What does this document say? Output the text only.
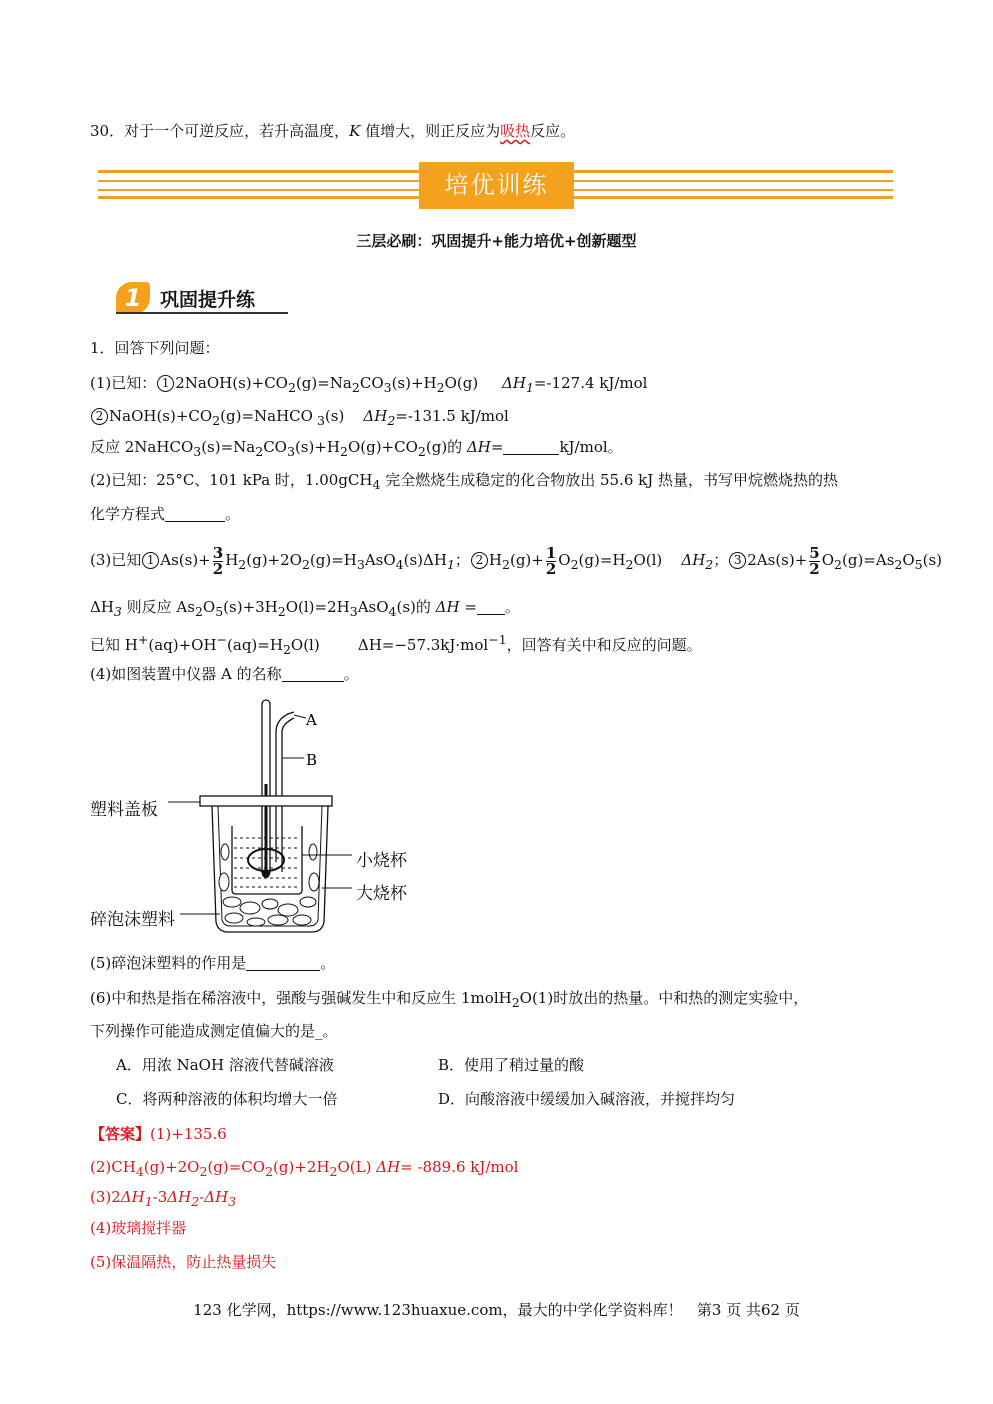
30．对于一个可逆反应，若升高温度，K 值增大，则正反应为吸热反应。
培优训练
三层必刷：巩固提升+能力培优+创新题型
1 巩固提升练
1．回答下列问题：
(1)已知： 1 $2NaOH(s)+CO_2(g)=Na_2CO_3(s)+H_2O(g)$ $\Delta H_1=-127.4$ kJ/mol
2 $NaOH(s)+CO_2(g)=NaHCO$ $_3$(s) $\Delta H_2=-131.5$ kJ/mol
反应 $2NaHCO_3(s)=Na_2CO_3(s)+H_2O(g)+CO_2(g)$的 ΔH=	kJ/mol。
(2)已知：25°C、101 kPa 时，1.00gCH$_4$ 完全燃烧生成稳定的化合物放出 55.6 kJ 热量，书写甲烷燃烧热的热
化学方程式	。
(3)已知 1 $As(s)+ \frac{3}{2} H_2(g)+2O_2(g)=H_3AsO_4(s)\Delta H_1$； 2 $H_2(g)+ \frac{1}{2} O_2(g)=H_2O(l)$ $\Delta H_2$； 3 $2As(s)+ \frac{5}{2} O_2(g)=As_2O_5(s)$
$\Delta H_3$ 则反应 $As_2O_5(s)+3H_2O(l)=2H_3AsO_4(s)$的 ΔH = 。
已知 $H^+(aq)+OH^-(aq)=H_2O(l)$	ΔH=−57.3kJ·mol$^{-1}$，回答有关中和反应的问题。
(4)如图装置中仪器 A 的名称	。
A
B
塑料盖板
小烧杯
大烧杯
碎泡沫塑料
(5)碎泡沫塑料的作用是	。
(6)中和热是指在稀溶液中，强酸与强碱发生中和反应生 1molH$_2$O(1)时放出的热量。中和热的测定实验中，
下列操作可能造成测定值偏大的是_。
A．用浓 NaOH 溶液代替碱溶液	B．使用了稍过量的酸
C．将两种溶液的体积均增大一倍	D．向酸溶液中缓缓加入碱溶液，并搅拌均匀
【答案】(1)+135.6
$(2)CH_4(g)+2O_2(g)=CO_2(g)+2H_2O(L)$ ΔH= -889.6 kJ/mol
$(3)2\Delta H_1-3\Delta H_2-\Delta H_3$
(4)玻璃搅拌器
(5)保温隔热，防止热量损失
123 化学网，https://www.123huaxue.com，最大的中学化学资料库！ 第3 页 共62 页
